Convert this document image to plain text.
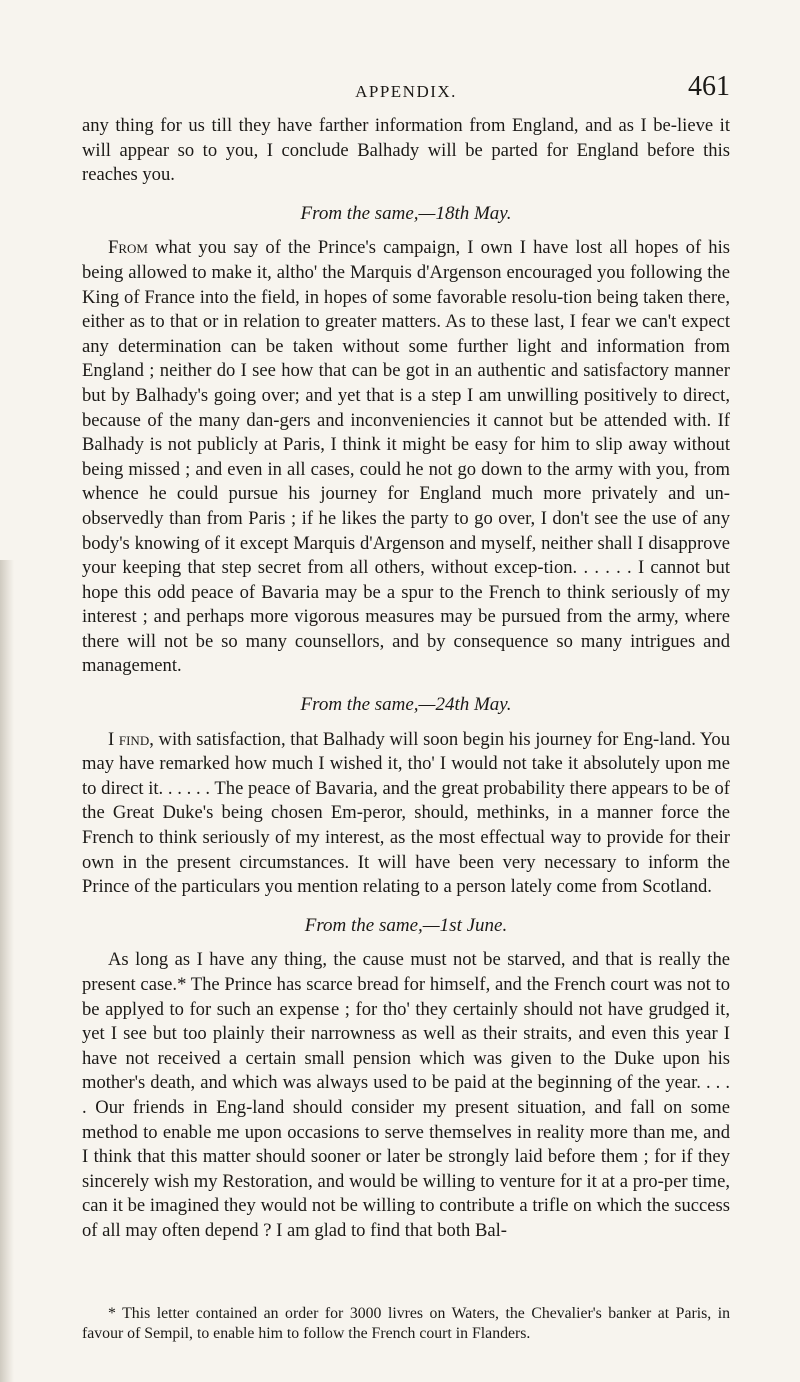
APPENDIX.	461

any thing for us till they have farther information from England, and as I be-lieve it will appear so to you, I conclude Balhady will be parted for England before this reaches you.

From the same,—18th May.

From what you say of the Prince's campaign, I own I have lost all hopes of his being allowed to make it, altho' the Marquis d'Argenson encouraged you following the King of France into the field, in hopes of some favorable resolu-tion being taken there, either as to that or in relation to greater matters. As to these last, I fear we can't expect any determination can be taken without some further light and information from England ; neither do I see how that can be got in an authentic and satisfactory manner but by Balhady's going over; and yet that is a step I am unwilling positively to direct, because of the many dan-gers and inconveniencies it cannot but be attended with. If Balhady is not publicly at Paris, I think it might be easy for him to slip away without being missed ; and even in all cases, could he not go down to the army with you, from whence he could pursue his journey for England much more privately and un-observedly than from Paris ; if he likes the party to go over, I don't see the use of any body's knowing of it except Marquis d'Argenson and myself, neither shall I disapprove your keeping that step secret from all others, without excep-tion. . . . . . I cannot but hope this odd peace of Bavaria may be a spur to the French to think seriously of my interest ; and perhaps more vigorous measures may be pursued from the army, where there will not be so many counsellors, and by consequence so many intrigues and management.

From the same,—24th May.

I find, with satisfaction, that Balhady will soon begin his journey for Eng-land. You may have remarked how much I wished it, tho' I would not take it absolutely upon me to direct it. . . . . . The peace of Bavaria, and the great probability there appears to be of the Great Duke's being chosen Em-peror, should, methinks, in a manner force the French to think seriously of my interest, as the most effectual way to provide for their own in the present circumstances. It will have been very necessary to inform the Prince of the particulars you mention relating to a person lately come from Scotland.

From the same,—1st June.

As long as I have any thing, the cause must not be starved, and that is really the present case.* The Prince has scarce bread for himself, and the French court was not to be applyed to for such an expense ; for tho' they certainly should not have grudged it, yet I see but too plainly their narrowness as well as their straits, and even this year I have not received a certain small pension which was given to the Duke upon his mother's death, and which was always used to be paid at the beginning of the year. . . . . Our friends in Eng-land should consider my present situation, and fall on some method to enable me upon occasions to serve themselves in reality more than me, and I think that this matter should sooner or later be strongly laid before them ; for if they sincerely wish my Restoration, and would be willing to venture for it at a pro-per time, can it be imagined they would not be willing to contribute a trifle on which the success of all may often depend ? I am glad to find that both Bal-

* This letter contained an order for 3000 livres on Waters, the Chevalier's banker at Paris, in favour of Sempil, to enable him to follow the French court in Flanders.
